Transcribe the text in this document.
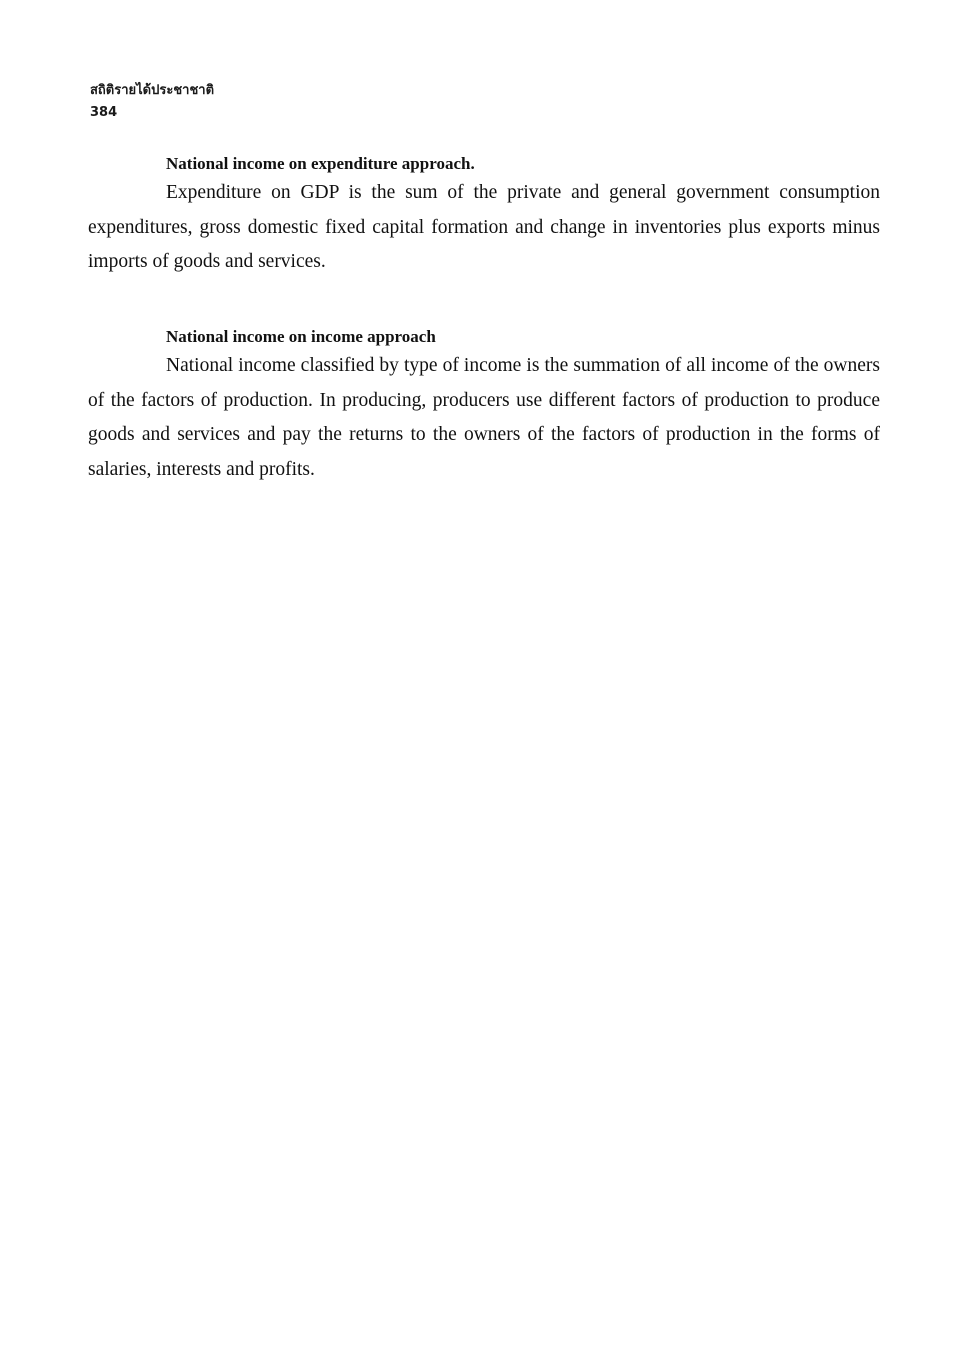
สถิติรายได้ประชาชาติ
384

National income on expenditure approach.

Expenditure on GDP is the sum of the private and general government consumption expenditures, gross domestic fixed capital formation and change in inventories plus exports minus imports of goods and services.

National income on income approach

National income classified by type of income is the summation of all income of the owners of the factors of production. In producing, producers use different factors of production to produce goods and services and pay the returns to the owners of the factors of production in the forms of salaries, interests and profits.
